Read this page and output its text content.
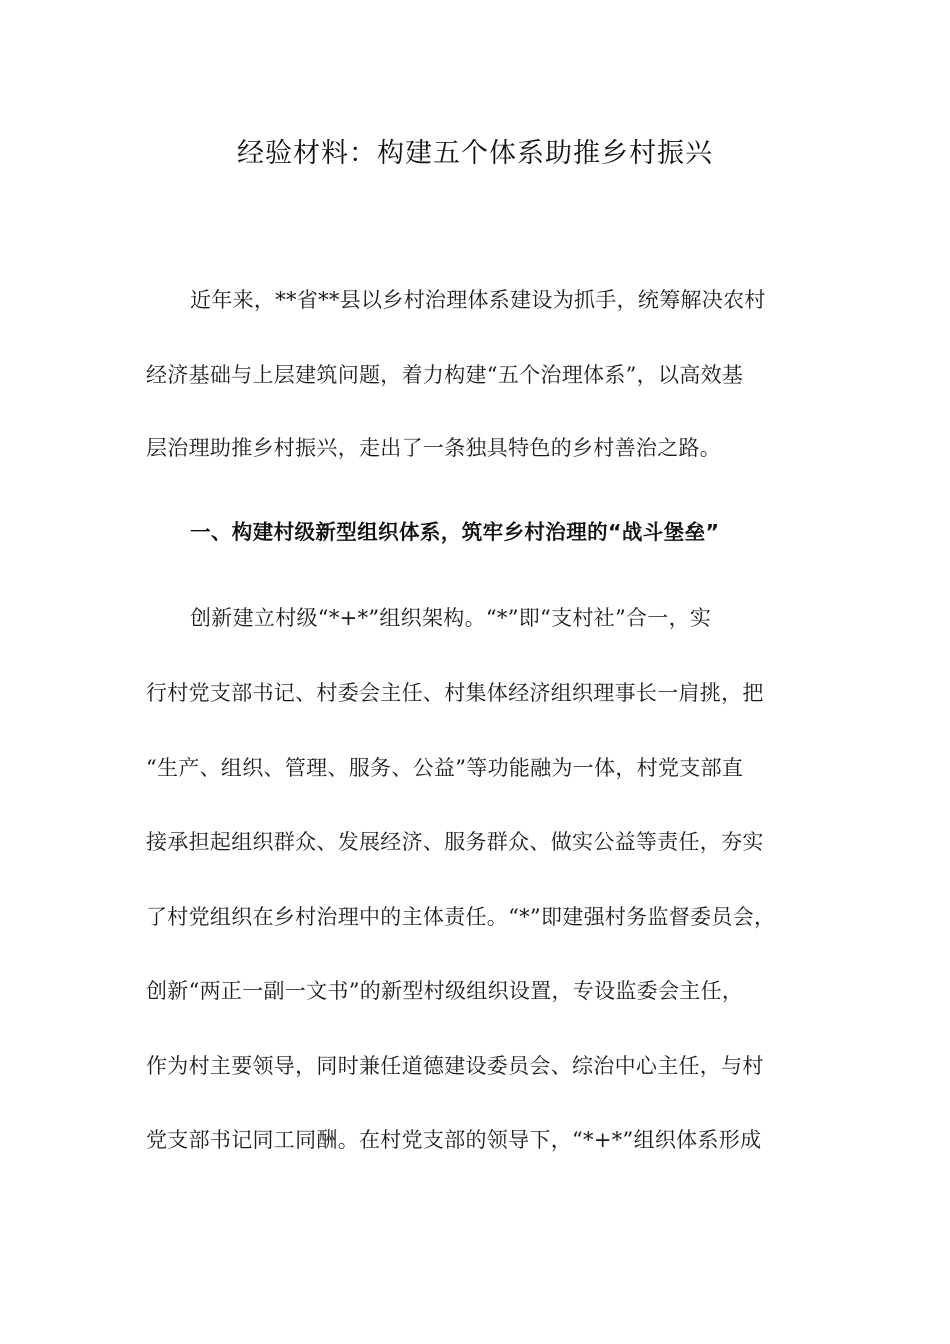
经验材料：构建五个体系助推乡村振兴
近年来，**省**县以乡村治理体系建设为抓手，统筹解决农村
经济基础与上层建筑问题，着力构建“五个治理体系”，以高效基
层治理助推乡村振兴，走出了一条独具特色的乡村善治之路。
一、构建村级新型组织体系，筑牢乡村治理的“战斗堡垒”
创新建立村级“*+*”组织架构。“*”即“支村社”合一，实
行村党支部书记、村委会主任、村集体经济组织理事长一肩挑，把
“生产、组织、管理、服务、公益”等功能融为一体，村党支部直
接承担起组织群众、发展经济、服务群众、做实公益等责任，夯实
了村党组织在乡村治理中的主体责任。“*”即建强村务监督委员会，
创新“两正一副一文书”的新型村级组织设置，专设监委会主任，
作为村主要领导，同时兼任道德建设委员会、综治中心主任，与村
党支部书记同工同酬。在村党支部的领导下，“*+*”组织体系形成
